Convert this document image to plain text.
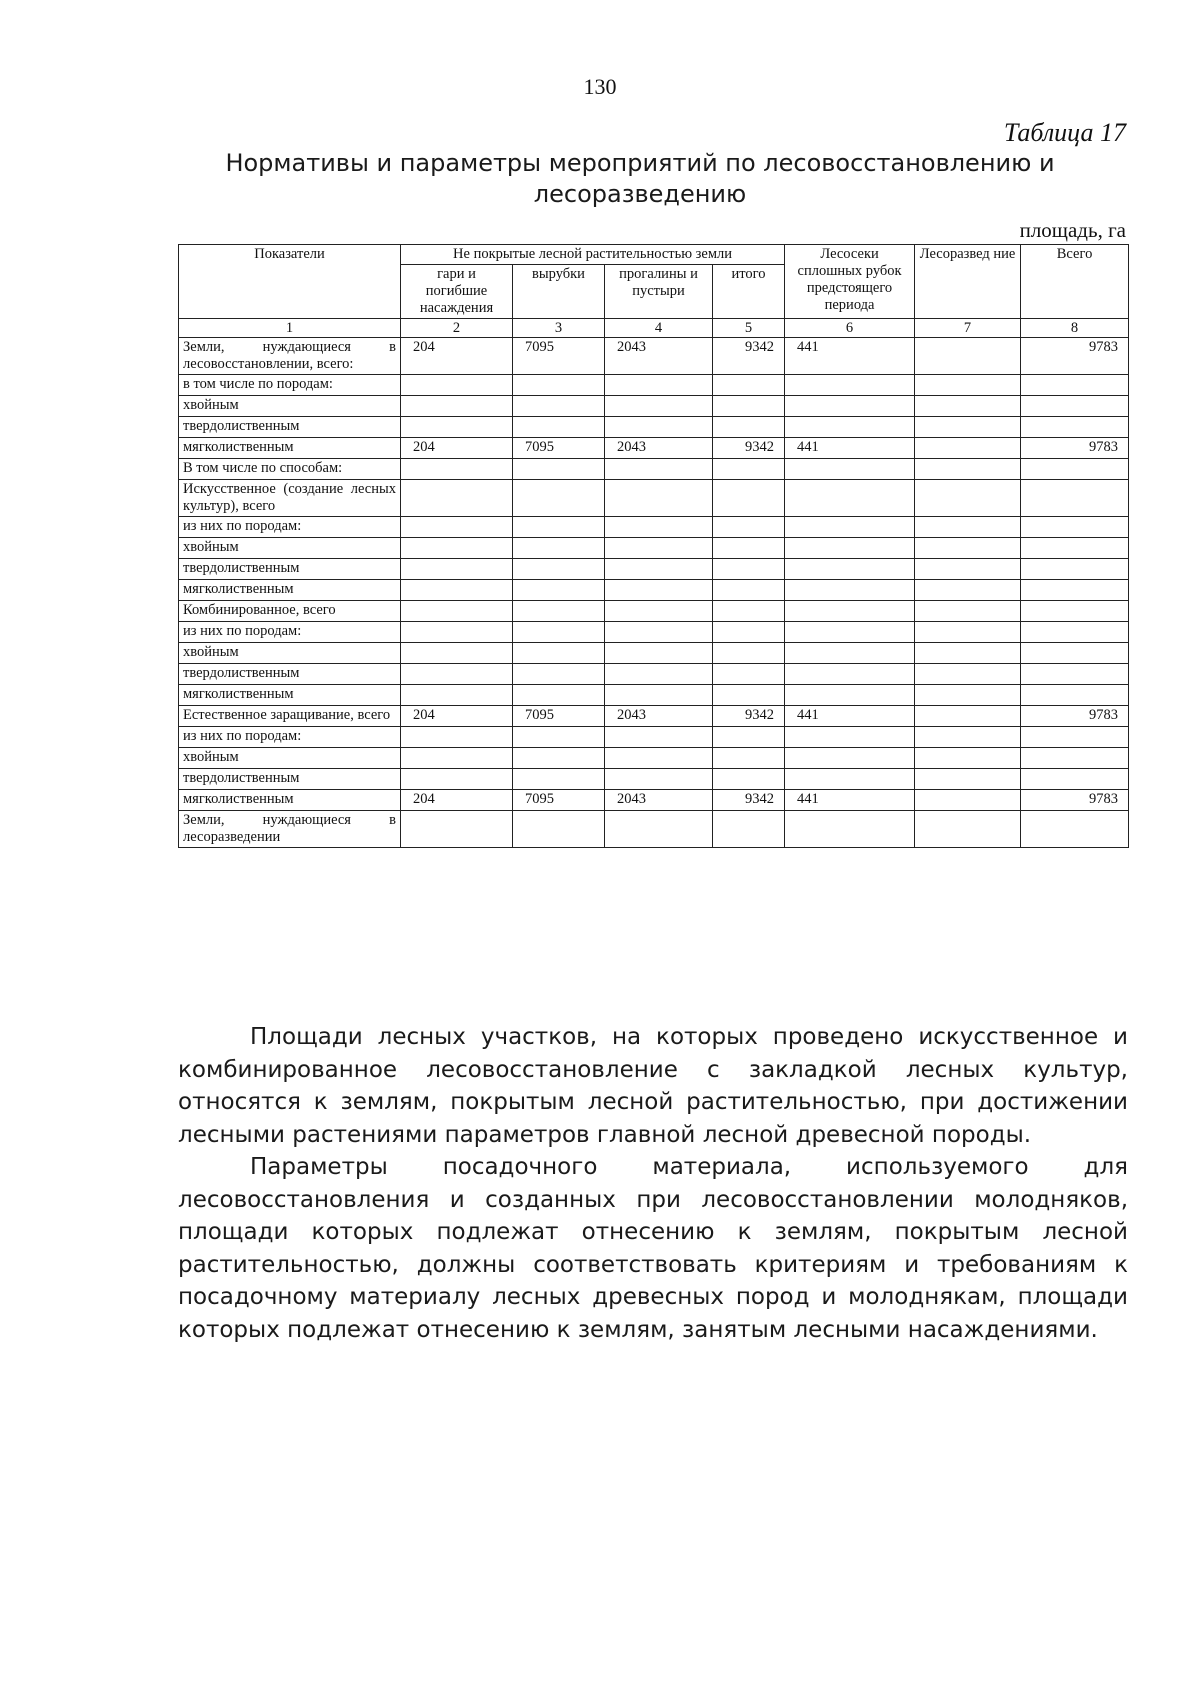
130
Таблица 17
Нормативы и параметры мероприятий по лесовосстановлению и лесоразведению
площадь, га
Показатели	Не покрытые лесной растительностью земли				Лесосеки сплошных рубок предстоящего периода	Лесоразвед ние	Всего
	гари и погибшие насаждения	вырубки	прогалины и пустыри	итого			
1	2	3	4	5	6	7	8
Земли, нуждающиеся в лесовосстановлении, всего:	204	7095	2043	9342	441		9783
в том числе по породам:							
хвойным							
твердолиственным							
мягколиственным	204	7095	2043	9342	441		9783
В том числе по способам:							
Искусственное (создание лесных культур), всего							
из них по породам:							
хвойным							
твердолиственным							
мягколиственным							
Комбинированное, всего							
из них по породам:							
хвойным							
твердолиственным							
мягколиственным							
Естественное заращивание, всего	204	7095	2043	9342	441		9783
из них по породам:							
хвойным							
твердолиственным							
мягколиственным	204	7095	2043	9342	441		9783
Земли, нуждающиеся в лесоразведении							

Площади лесных участков, на которых проведено искусственное и комбинированное лесовосстановление с закладкой лесных культур, относятся к землям, покрытым лесной растительностью, при достижении лесными растениями параметров главной лесной древесной породы.

Параметры посадочного материала, используемого для лесовосстановления и созданных при лесовосстановлении молодняков, площади которых подлежат отнесению к землям, покрытым лесной растительностью, должны соответствовать критериям и требованиям к посадочному материалу лесных древесных пород и молоднякам, площади которых подлежат отнесению к землям, занятым лесными насаждениями.
